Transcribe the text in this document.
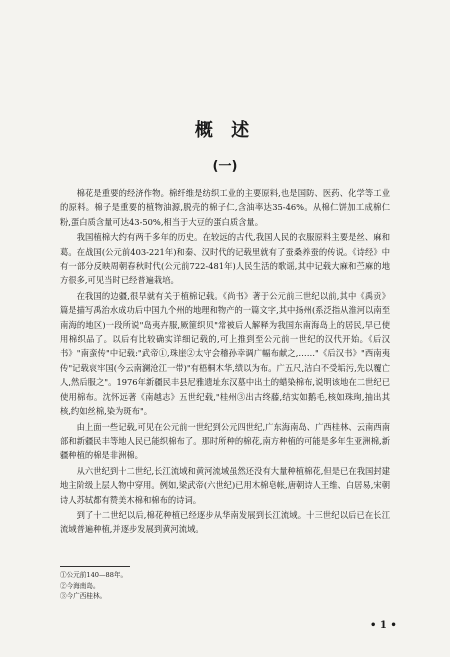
概 述
(一)

棉花是重要的经济作物。棉纤维是纺织工业的主要原料,也是国防、医药、化学等工业的原料。棉子是重要的植物油源,脱壳的棉子仁,含油率达35-46%。从棉仁饼加工成棉仁粉,蛋白质含量可达43-50%,相当于大豆的蛋白质含量。

我国植棉大约有两千多年的历史。在较远的古代,我国人民的衣服原料主要是丝、麻和葛。在战国(公元前403-221年)和秦、汉时代的记载里就有了蚕桑养蚕的传说。《诗经》中有一部分反映周朝春秋时代(公元前722-481年)人民生活的歌谣,其中记载大麻和苎麻的地方很多,可见当时已经普遍栽培。

在我国的边疆,很早就有关于植棉记载。《尚书》著于公元前三世纪以前,其中《禹贡》篇是描写禹治水成功后中国九个州的地理和物产的一篇文字,其中扬州(系泛指从淮河以南至南海的地区)一段所说"岛夷卉服,厥篚织贝"常被后人解释为我国东南海岛上的居民,早已使用棉织品了。以后有比较确实详细记载的,可上推到至公元前一世纪的汉代开始。《后汉书》"南蛮传"中记载:"武帝①,珠崖②太守会稽孙幸调广幅布献之,……"《后汉书》"西南夷传"记载哀牢国(今云南澜沧江一带)"有梧桐木华,绩以为布。广五尺,洁白不受垢污,先以覆亡人,然后服之"。1976年新疆民丰县尼雅遗址东汉墓中出土的蜡染棉布,说明该地在二世纪已使用棉布。沈怀远著《南越志》五世纪载,"桂州③出古终藤,结实如鹅毛,核如珠珣,抽出其核,约如丝棉,染为斑布"。

由上面一些记载,可见在公元前一世纪到公元四世纪,广东海南岛、广西桂林、云南西南部和新疆民丰等地人民已能织棉布了。那时所种的棉花,南方种植的可能是多年生亚洲棉,新疆种植的棉是非洲棉。

从六世纪到十二世纪,长江流域和黄河流域虽然还没有大量种植棉花,但是已在我国封建地主阶级上层人物中穿用。例如,梁武帝(六世纪)已用木棉皂帐,唐朝诗人王维、白居易,宋朝诗人苏轼都有赞美木棉和棉布的诗词。

到了十二世纪以后,棉花种植已经逐步从华南发展到长江流域。十三世纪以后已在长江流域普遍种植,并逐步发展到黄河流域。

①公元前140—88年。
②今海南岛。
③今广西桂林。
• 1 •
